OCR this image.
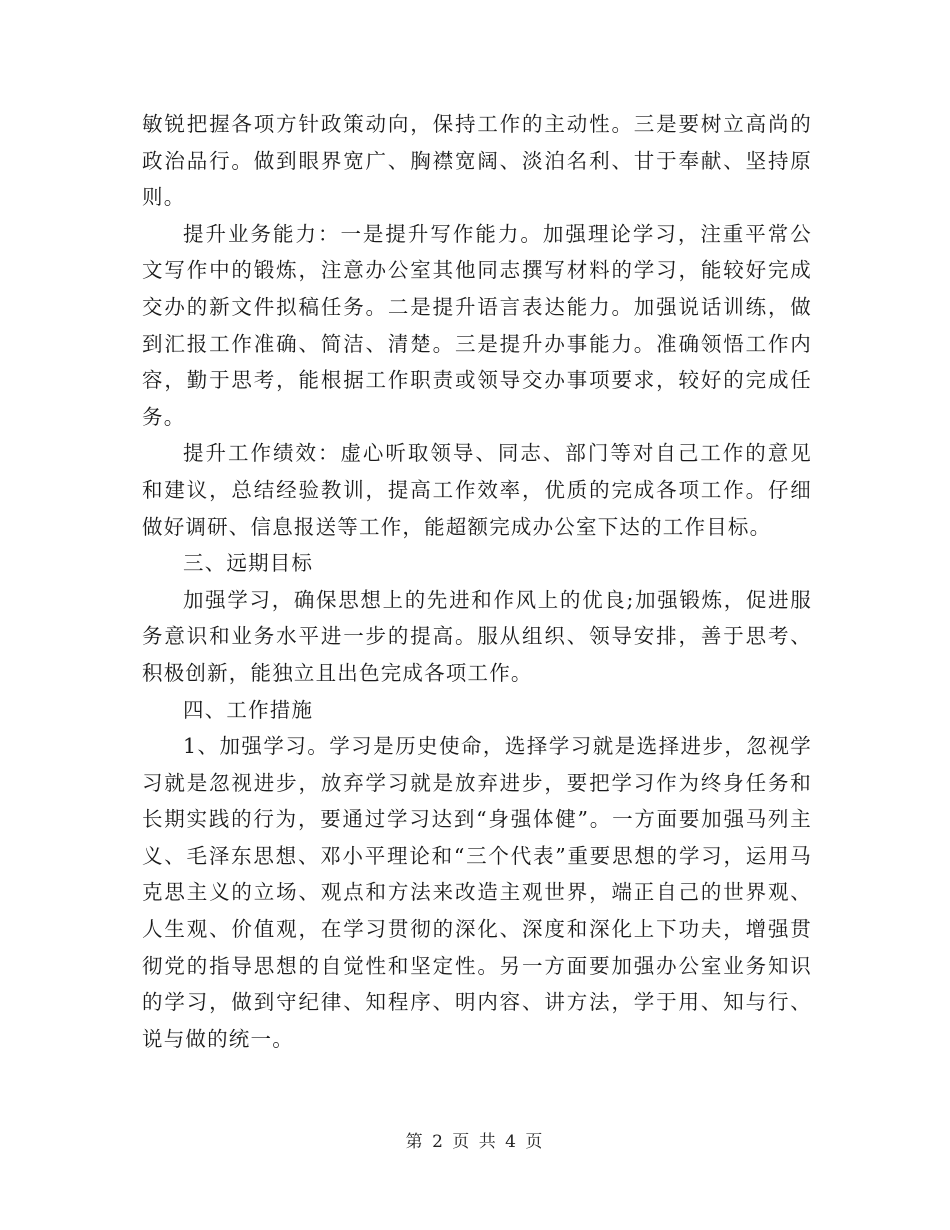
敏锐把握各项方针政策动向，保持工作的主动性。三是要树立高尚的政治品行。做到眼界宽广、胸襟宽阔、淡泊名利、甘于奉献、坚持原则。

提升业务能力：一是提升写作能力。加强理论学习，注重平常公文写作中的锻炼，注意办公室其他同志撰写材料的学习，能较好完成交办的新文件拟稿任务。二是提升语言表达能力。加强说话训练，做到汇报工作准确、简洁、清楚。三是提升办事能力。准确领悟工作内容，勤于思考，能根据工作职责或领导交办事项要求，较好的完成任务。

提升工作绩效：虚心听取领导、同志、部门等对自己工作的意见和建议，总结经验教训，提高工作效率，优质的完成各项工作。仔细做好调研、信息报送等工作，能超额完成办公室下达的工作目标。

三、远期目标

加强学习，确保思想上的先进和作风上的优良;加强锻炼，促进服务意识和业务水平进一步的提高。服从组织、领导安排，善于思考、积极创新，能独立且出色完成各项工作。

四、工作措施

1、加强学习。学习是历史使命，选择学习就是选择进步，忽视学习就是忽视进步，放弃学习就是放弃进步，要把学习作为终身任务和长期实践的行为，要通过学习达到“身强体健”。一方面要加强马列主义、毛泽东思想、邓小平理论和“三个代表”重要思想的学习，运用马克思主义的立场、观点和方法来改造主观世界，端正自己的世界观、人生观、价值观，在学习贯彻的深化、深度和深化上下功夫，增强贯彻党的指导思想的自觉性和坚定性。另一方面要加强办公室业务知识的学习，做到守纪律、知程序、明内容、讲方法，学于用、知与行、说与做的统一。

第 2 页 共 4 页
